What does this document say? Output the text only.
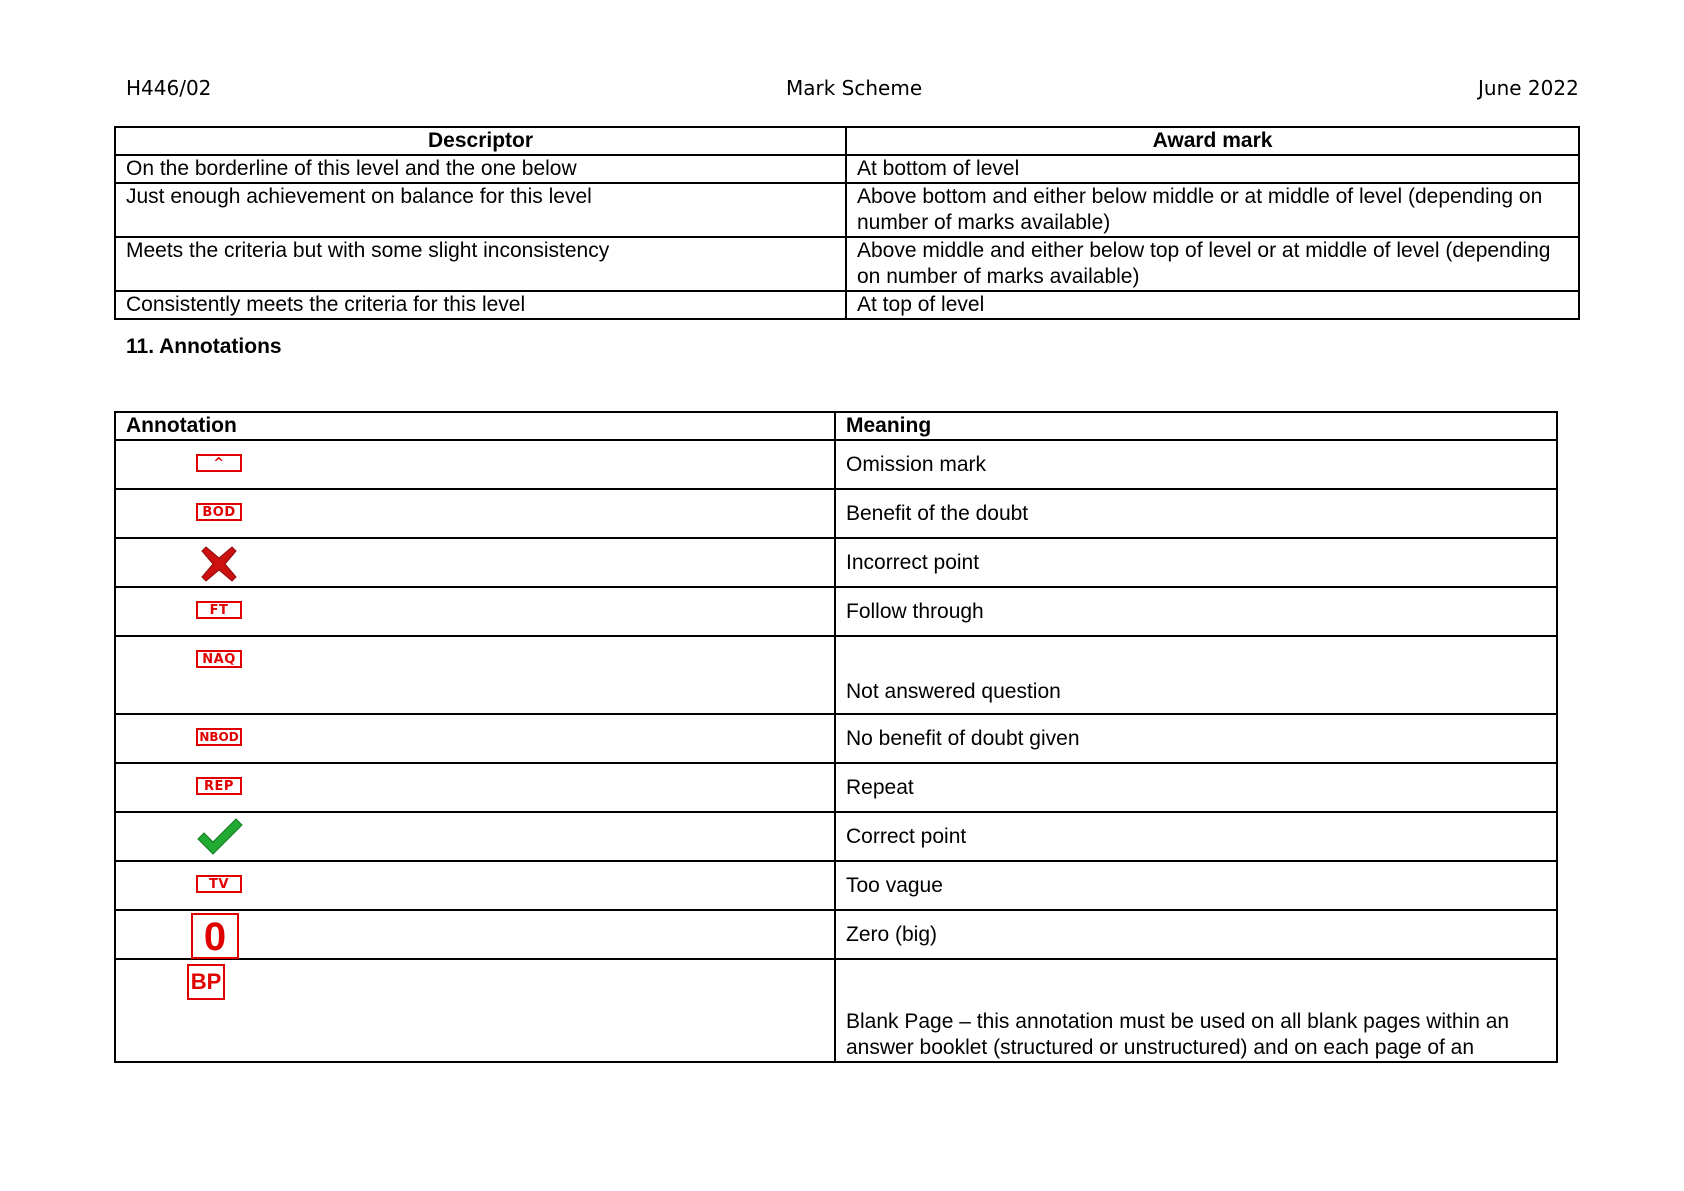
H446/02	Mark Scheme	June 2022
Descriptor	Award mark
On the borderline of this level and the one below	At bottom of level
Just enough achievement on balance for this level	Above bottom and either below middle or at middle of level (depending on number of marks available)
Meets the criteria but with some slight inconsistency	Above middle and either below top of level or at middle of level (depending on number of marks available)
Consistently meets the criteria for this level	At top of level
11. Annotations
Annotation	Meaning

^	Omission mark

BOD	Benefit of the doubt

	Incorrect point

FT	Follow through

NAQ	Not answered question

NBOD	No benefit of doubt given

REP	Repeat

	Correct point

TV	Too vague

0	Zero (big)

BP	Blank Page – this annotation must be used on all blank pages within an answer booklet (structured or unstructured) and on each page of an
